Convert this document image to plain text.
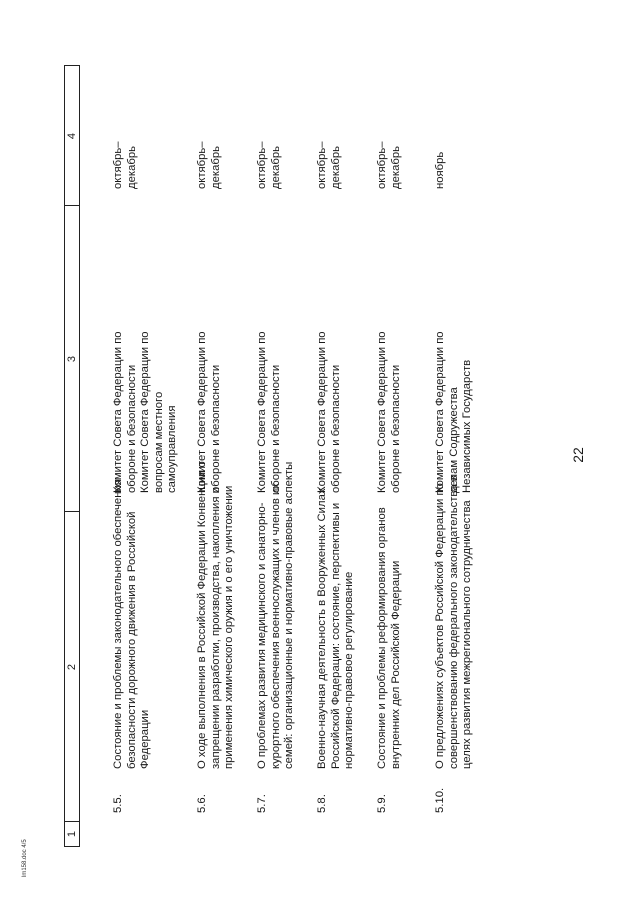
22
lm158.doc 4/5
1
2
3
4
5.5.
Состояние и проблемы законодательного обеспечения безопасности дорожного движения в Российской Федерации
Комитет Совета Федерации по обороне и безопасности Комитет Совета Федерации по вопросам местного самоуправления
октябрь– декабрь
5.6.
О ходе выполнения в Российской Федерации Конвенции о запрещении разработки, производства, накопления и применения химического оружия и о его уничтожении
Комитет Совета Федерации по обороне и безопасности
октябрь– декабрь
5.7.
О проблемах развития медицинского и санаторно- курортного обеспечения военнослужащих и членов их семей: организационные и нормативно-правовые аспекты
Комитет Совета Федерации по обороне и безопасности
октябрь– декабрь
5.8.
Военно-научная деятельность в Вооруженных Силах Российской Федерации: состояние, перспективы и нормативно-правовое регулирование
Комитет Совета Федерации по обороне и безопасности
октябрь– декабрь
5.9.
Состояние и проблемы реформирования органов внутренних дел Российской Федерации
Комитет Совета Федерации по обороне и безопасности
октябрь– декабрь
5.10.
О предложениях субъектов Российской Федерации по совершенствованию федерального законодательства в целях развития межрегионального сотрудничества
Комитет Совета Федерации по делам Содружества Независимых Государств
ноябрь
